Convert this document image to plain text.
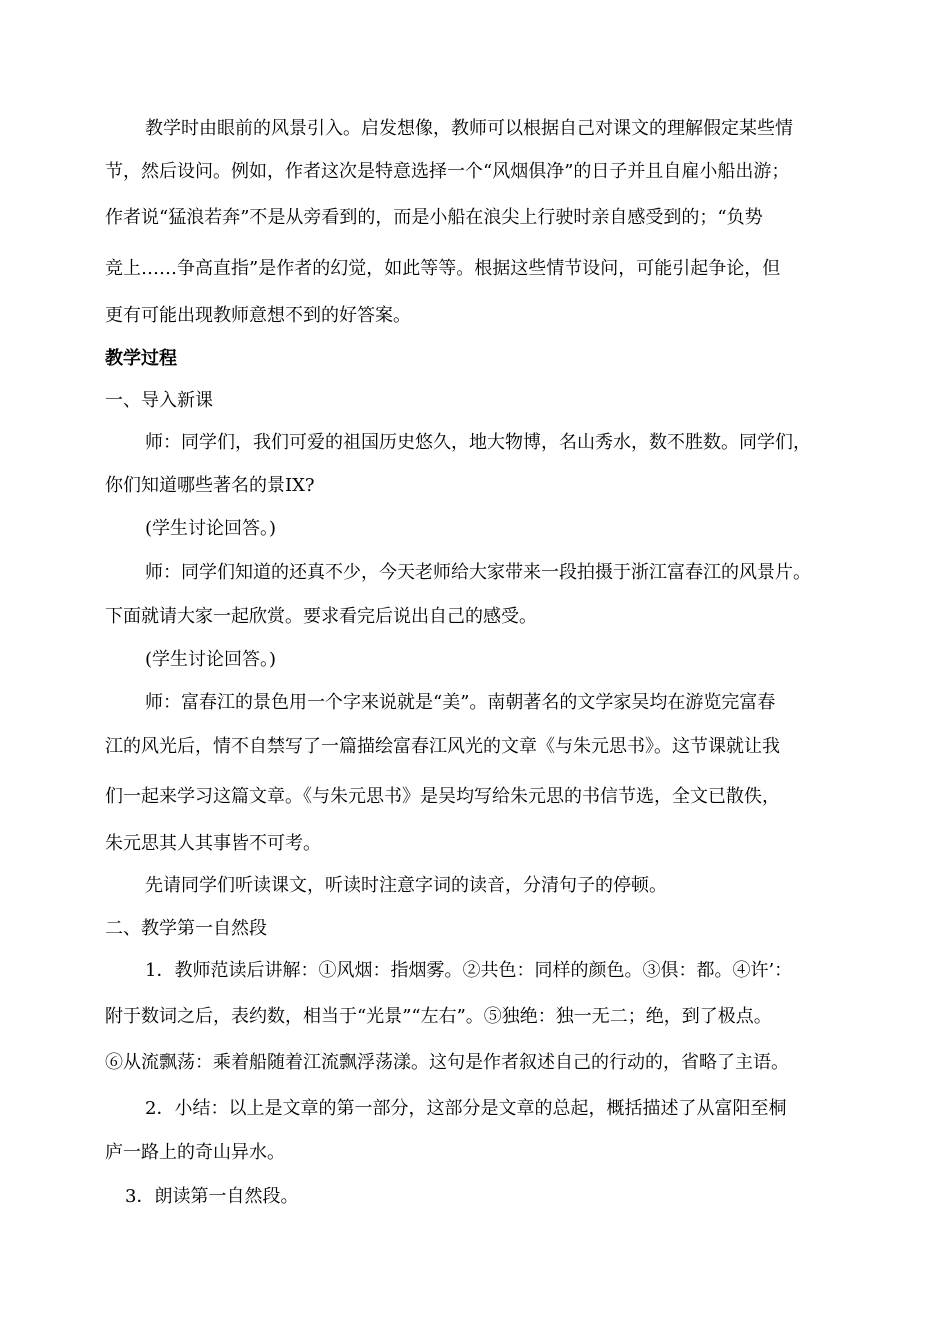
教学时由眼前的风景引入。启发想像，教师可以根据自己对课文的理解假定某些情
节，然后设问。例如，作者这次是特意选择一个“风烟俱净”的日子并且自雇小船出游；
作者说“猛浪若奔”不是从旁看到的，而是小船在浪尖上行驶时亲自感受到的；“负势
竞上……争高直指”是作者的幻觉，如此等等。根据这些情节设问，可能引起争论，但
更有可能出现教师意想不到的好答案。
教学过程
一、导入新课
师：同学们，我们可爱的祖国历史悠久，地大物博，名山秀水，数不胜数。同学们，
你们知道哪些著名的景IX?
(学生讨论回答。)
师：同学们知道的还真不少，今天老师给大家带来一段拍摄于浙江富春江的风景片。
下面就请大家一起欣赏。要求看完后说出自己的感受。
(学生讨论回答。)
师：富春江的景色用一个字来说就是“美”。南朝著名的文学家吴均在游览完富春
江的风光后，情不自禁写了一篇描绘富春江风光的文章《与朱元思书》。这节课就让我
们一起来学习这篇文章。《与朱元思书》是吴均写给朱元思的书信节选，全文已散佚，
朱元思其人其事皆不可考。
先请同学们听读课文，听读时注意字词的读音，分清句子的停顿。
二、教学第一自然段
1．教师范读后讲解：①风烟：指烟雾。②共色：同样的颜色。③俱：都。④许’：
附于数词之后，表约数，相当于“光景”“左右”。⑤独绝：独一无二；绝，到了极点。
⑥从流飘荡：乘着船随着江流飘浮荡漾。这句是作者叙述自己的行动的，省略了主语。
2．小结：以上是文章的第一部分，这部分是文章的总起，概括描述了从富阳至桐
庐一路上的奇山异水。
3．朗读第一自然段。
